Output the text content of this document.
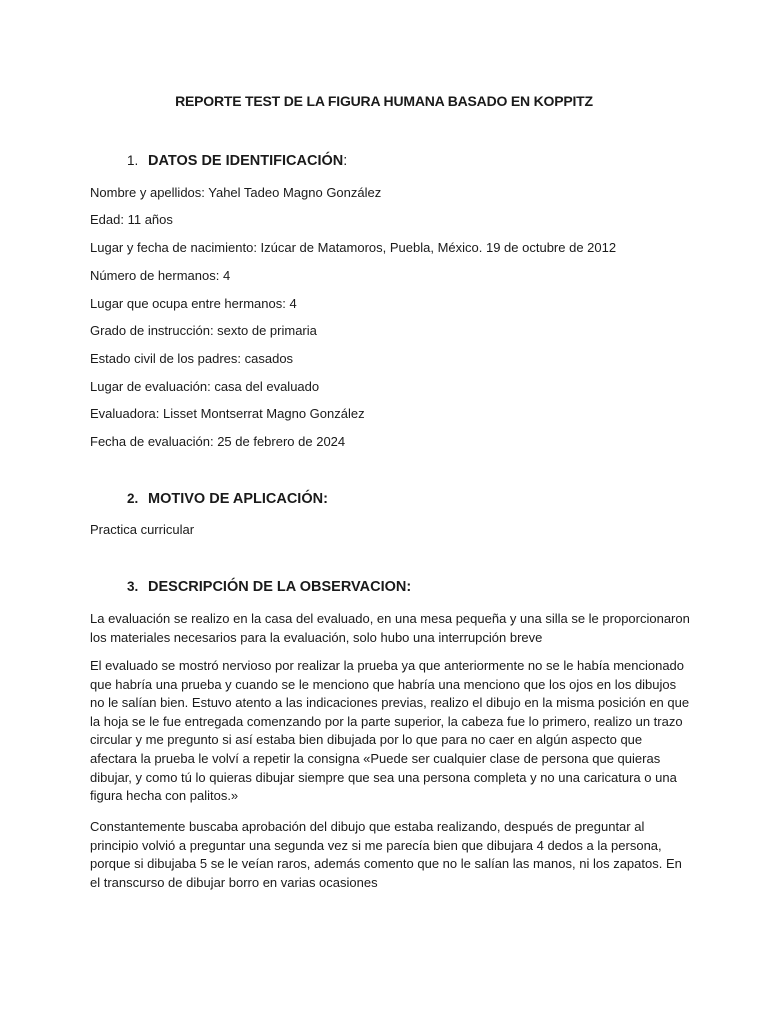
REPORTE TEST DE LA FIGURA HUMANA BASADO EN KOPPITZ
1. DATOS DE IDENTIFICACIÓN:

Nombre y apellidos: Yahel Tadeo Magno González

Edad: 11 años

Lugar y fecha de nacimiento: Izúcar de Matamoros, Puebla, México. 19 de octubre de 2012

Número de hermanos: 4

Lugar que ocupa entre hermanos: 4

Grado de instrucción: sexto de primaria

Estado civil de los padres: casados

Lugar de evaluación: casa del evaluado

Evaluadora: Lisset Montserrat Magno González

Fecha de evaluación: 25 de febrero de 2024

2. MOTIVO DE APLICACIÓN:

Practica curricular

3. DESCRIPCIÓN DE LA OBSERVACION:

La evaluación se realizo en la casa del evaluado, en una mesa pequeña y una silla se le proporcionaron los materiales necesarios para la evaluación, solo hubo una interrupción breve

El evaluado se mostró nervioso por realizar la prueba ya que anteriormente no se le había mencionado que habría una prueba y cuando se le menciono que habría una menciono que los ojos en los dibujos no le salían bien. Estuvo atento a las indicaciones previas, realizo el dibujo en la misma posición en que la hoja se le fue entregada comenzando por la parte superior, la cabeza fue lo primero, realizo un trazo circular y me pregunto si así estaba bien dibujada por lo que para no caer en algún aspecto que afectara la prueba le volví a repetir la consigna «Puede ser cualquier clase de persona que quieras dibujar, y como tú lo quieras dibujar siempre que sea una persona completa y no una caricatura o una figura hecha con palitos.»

Constantemente buscaba aprobación del dibujo que estaba realizando, después de preguntar al principio volvió a preguntar una segunda vez si me parecía bien que dibujara 4 dedos a la persona, porque si dibujaba 5 se le veían raros, además comento que no le salían las manos, ni los zapatos. En el transcurso de dibujar borro en varias ocasiones
